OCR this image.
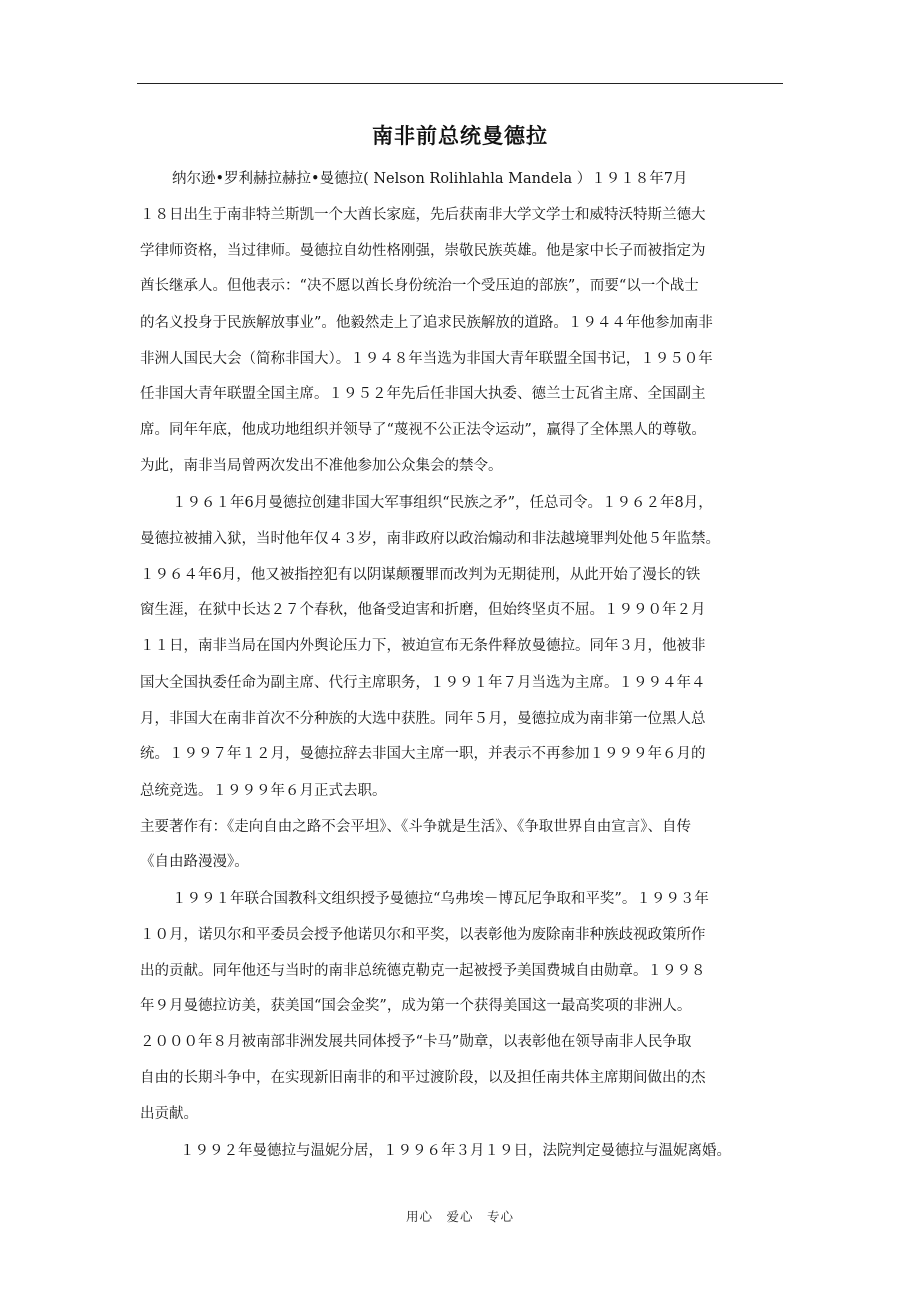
南非前总统曼德拉
纳尔逊•罗利赫拉赫拉•曼德拉( Nelson Rolihlahla Mandela ）１９１８年7月
１８日出生于南非特兰斯凯一个大酋长家庭，先后获南非大学文学士和威特沃特斯兰德大
学律师资格，当过律师。曼德拉自幼性格刚强，崇敬民族英雄。他是家中长子而被指定为
酋长继承人。但他表示：“决不愿以酋长身份统治一个受压迫的部族”，而要“以一个战士
的名义投身于民族解放事业”。他毅然走上了追求民族解放的道路。１９４４年他参加南非
非洲人国民大会（简称非国大）。１９４８年当选为非国大青年联盟全国书记，１９５０年
任非国大青年联盟全国主席。１９５２年先后任非国大执委、德兰士瓦省主席、全国副主
席。同年年底，他成功地组织并领导了“蔑视不公正法令运动”，赢得了全体黑人的尊敬。
为此，南非当局曾两次发出不准他参加公众集会的禁令。
１９６１年6月曼德拉创建非国大军事组织“民族之矛”，任总司令。１９６２年8月，
曼德拉被捕入狱，当时他年仅４３岁，南非政府以政治煽动和非法越境罪判处他５年监禁。
１９６４年6月，他又被指控犯有以阴谋颠覆罪而改判为无期徒刑，从此开始了漫长的铁
窗生涯，在狱中长达２７个春秋，他备受迫害和折磨，但始终坚贞不屈。１９９０年２月
１１日，南非当局在国内外舆论压力下，被迫宣布无条件释放曼德拉。同年３月，他被非
国大全国执委任命为副主席、代行主席职务，１９９１年７月当选为主席。１９９４年４
月，非国大在南非首次不分种族的大选中获胜。同年５月，曼德拉成为南非第一位黑人总
统。１９９７年１２月，曼德拉辞去非国大主席一职，并表示不再参加１９９９年６月的
总统竞选。１９９９年６月正式去职。
主要著作有：《走向自由之路不会平坦》、《斗争就是生活》、《争取世界自由宣言》、自传
《自由路漫漫》。
１９９１年联合国教科文组织授予曼德拉“乌弗埃－博瓦尼争取和平奖”。１９９３年
１０月，诺贝尔和平委员会授予他诺贝尔和平奖，以表彰他为废除南非种族歧视政策所作
出的贡献。同年他还与当时的南非总统德克勒克一起被授予美国费城自由勋章。１９９８
年９月曼德拉访美，获美国“国会金奖”，成为第一个获得美国这一最高奖项的非洲人。
２０００年８月被南部非洲发展共同体授予“卡马”勋章，以表彰他在领导南非人民争取
自由的长期斗争中，在实现新旧南非的和平过渡阶段，以及担任南共体主席期间做出的杰
出贡献。
１９９２年曼德拉与温妮分居，１９９６年３月１９日，法院判定曼德拉与温妮离婚。
用心　爱心　专心
